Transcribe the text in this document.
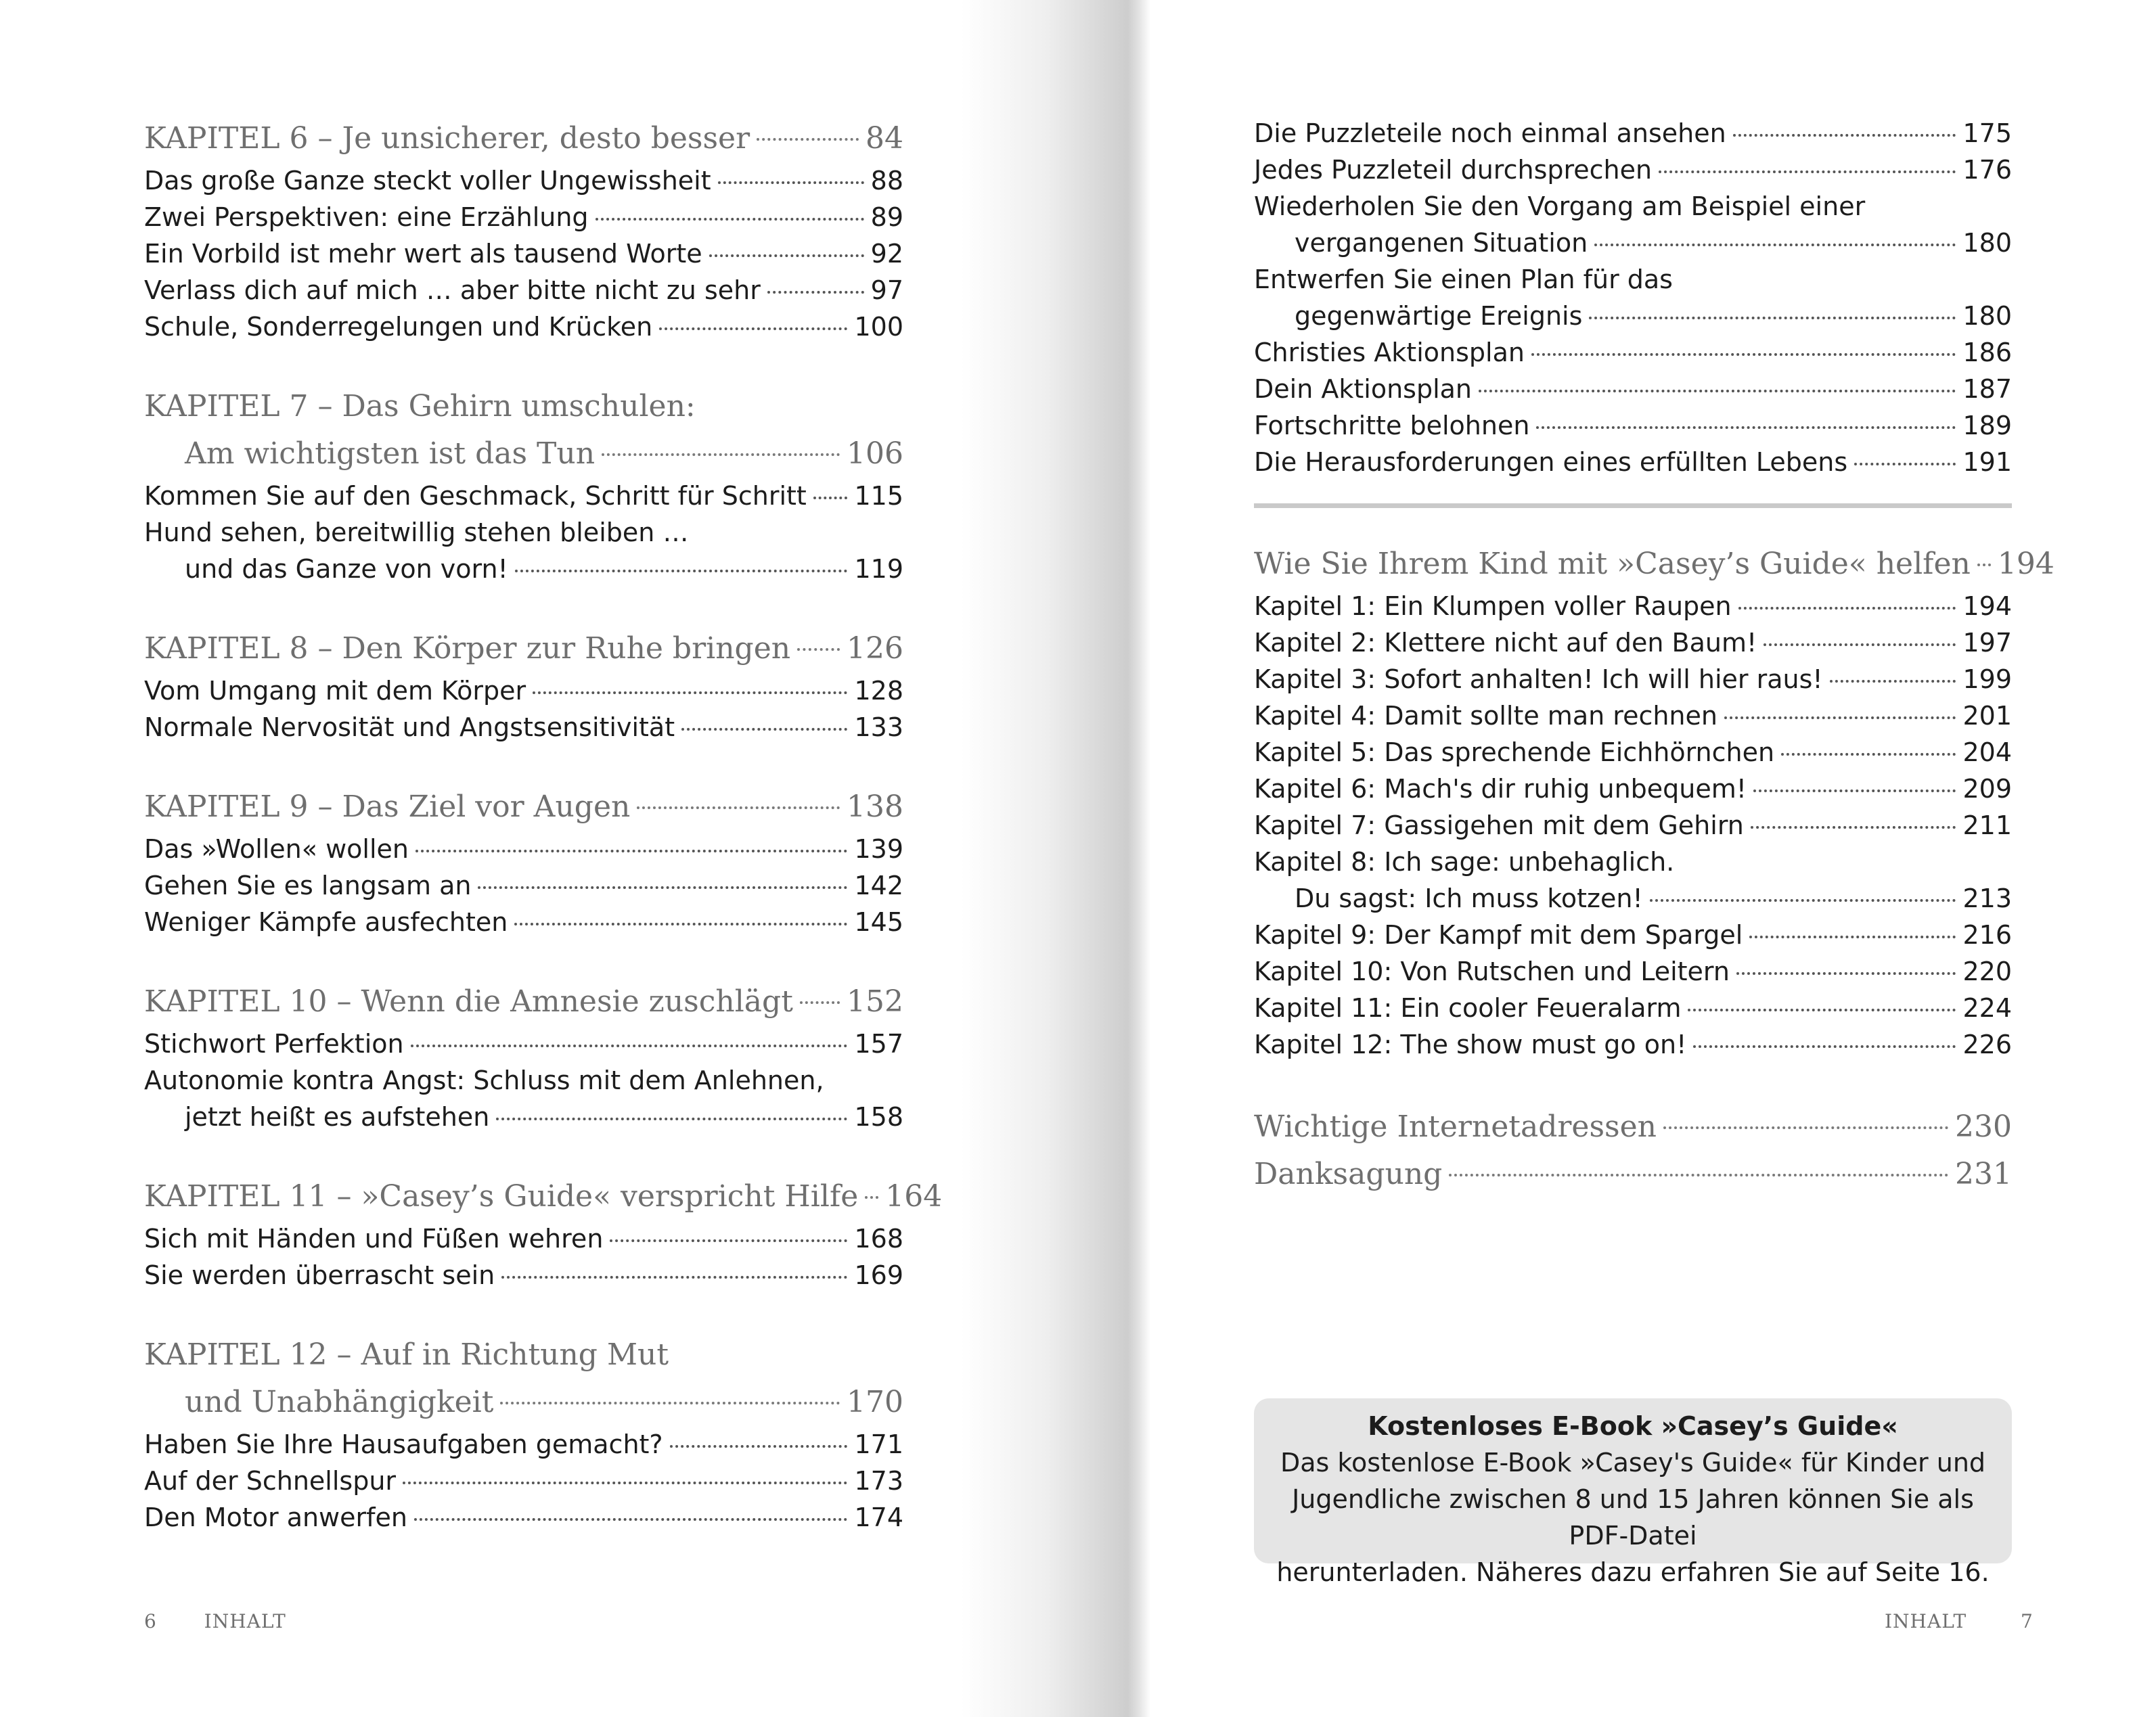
KAPITEL 6 – Je unsicherer, desto besser	84
Das große Ganze steckt voller Ungewissheit	88
Zwei Perspektiven: eine Erzählung	89
Ein Vorbild ist mehr wert als tausend Worte	92
Verlass dich auf mich … aber bitte nicht zu sehr	97
Schule, Sonderregelungen und Krücken	100
KAPITEL 7 – Das Gehirn umschulen:
Am wichtigsten ist das Tun	106
Kommen Sie auf den Geschmack, Schritt für Schritt 115
Hund sehen, bereitwillig stehen bleiben …
und das Ganze von vorn!	119
KAPITEL 8 – Den Körper zur Ruhe bringen 126
Vom Umgang mit dem Körper	128
Normale Nervosität und Angstsensitivität	133
KAPITEL 9 – Das Ziel vor Augen	138
Das »Wollen« wollen	139
Gehen Sie es langsam an	142
Weniger Kämpfe ausfechten	145
KAPITEL 10 – Wenn die Amnesie zuschlägt 152
Stichwort Perfektion	157
Autonomie kontra Angst: Schluss mit dem Anlehnen,
jetzt heißt es aufstehen	158
KAPITEL 11 – »Casey’s Guide« verspricht Hilfe 164
Sich mit Händen und Füßen wehren	168
Sie werden überrascht sein	169
KAPITEL 12 – Auf in Richtung Mut
und Unabhängigkeit	170
Haben Sie Ihre Hausaufgaben gemacht?	171
Auf der Schnellspur	173
Den Motor anwerfen	174
Die Puzzleteile noch einmal ansehen	175
Jedes Puzzleteil durchsprechen	176
Wiederholen Sie den Vorgang am Beispiel einer
vergangenen Situation	180
Entwerfen Sie einen Plan für das
gegenwärtige Ereignis	180
Christies Aktionsplan	186
Dein Aktionsplan	187
Fortschritte belohnen	189
Die Herausforderungen eines erfüllten Lebens	191
Wie Sie Ihrem Kind mit »Casey’s Guide« helfen 194
Kapitel 1: Ein Klumpen voller Raupen	194
Kapitel 2: Klettere nicht auf den Baum!	197
Kapitel 3: Sofort anhalten! Ich will hier raus!	199
Kapitel 4: Damit sollte man rechnen	201
Kapitel 5: Das sprechende Eichhörnchen	204
Kapitel 6: Mach's dir ruhig unbequem!	209
Kapitel 7: Gassigehen mit dem Gehirn	211
Kapitel 8: Ich sage: unbehaglich.
Du sagst: Ich muss kotzen!	213
Kapitel 9: Der Kampf mit dem Spargel	216
Kapitel 10: Von Rutschen und Leitern	220
Kapitel 11: Ein cooler Feueralarm	224
Kapitel 12: The show must go on!	226
Wichtige Internetadressen	230
Danksagung	231
Kostenloses E-Book »Casey’s Guide«
Das kostenlose E-Book »Casey's Guide« für Kinder und
Jugendliche zwischen 8 und 15 Jahren können Sie als PDF-Datei
herunterladen. Näheres dazu erfahren Sie auf Seite 16.
6 INHALT	INHALT	7
